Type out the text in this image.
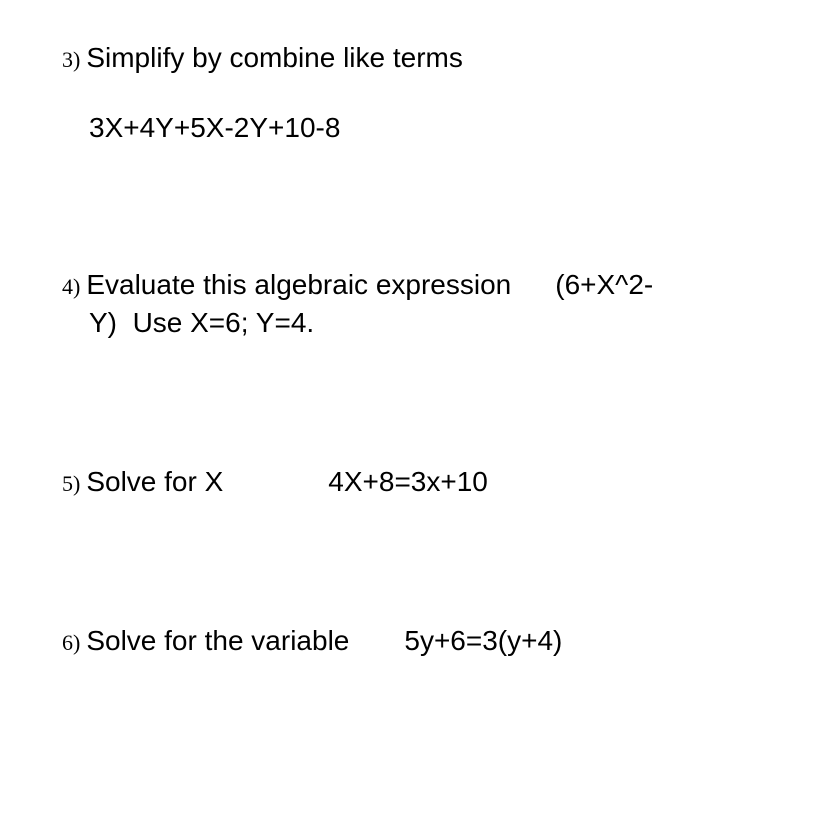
3) Simplify by combine like terms
3X+4Y+5X-2Y+10-8
4) Evaluate this algebraic expression (6+X^2-
Y) Use X=6; Y=4.
5) Solve for X	4X+8=3x+10
6) Solve for the variable 5y+6=3(y+4)
